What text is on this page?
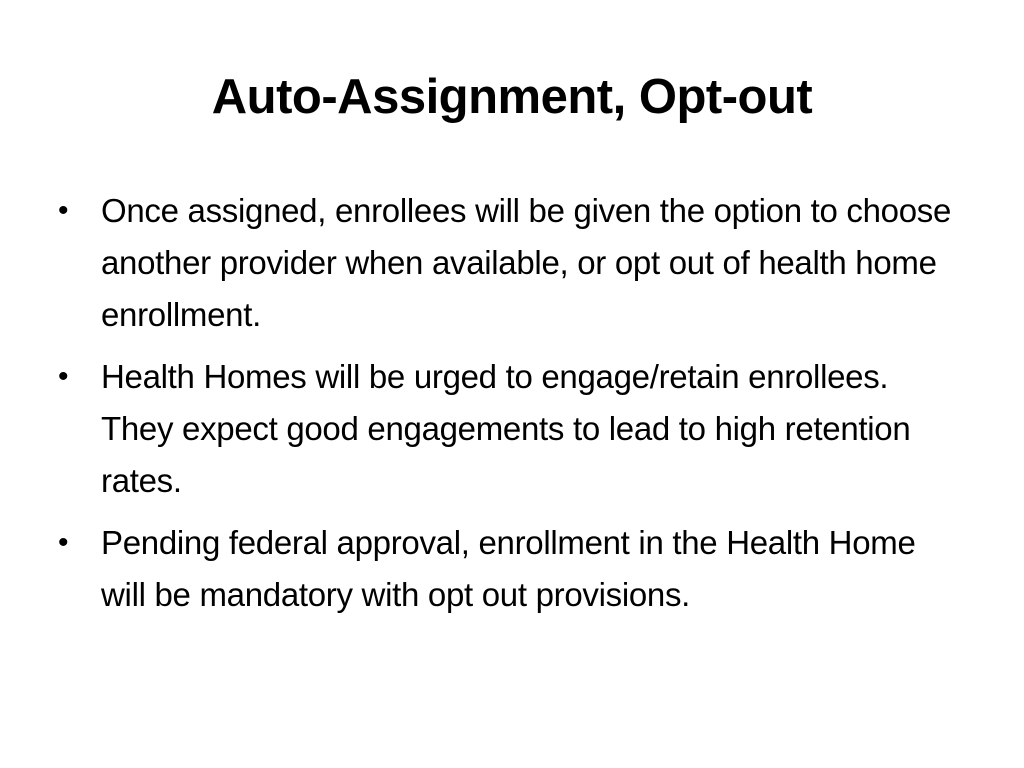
Auto-Assignment, Opt-out
• Once assigned, enrollees will be given the option to choose another provider when available, or opt out of health home enrollment.
• Health Homes will be urged to engage/retain enrollees. They expect good engagements to lead to high retention rates.
• Pending federal approval, enrollment in the Health Home will be mandatory with opt out provisions.
